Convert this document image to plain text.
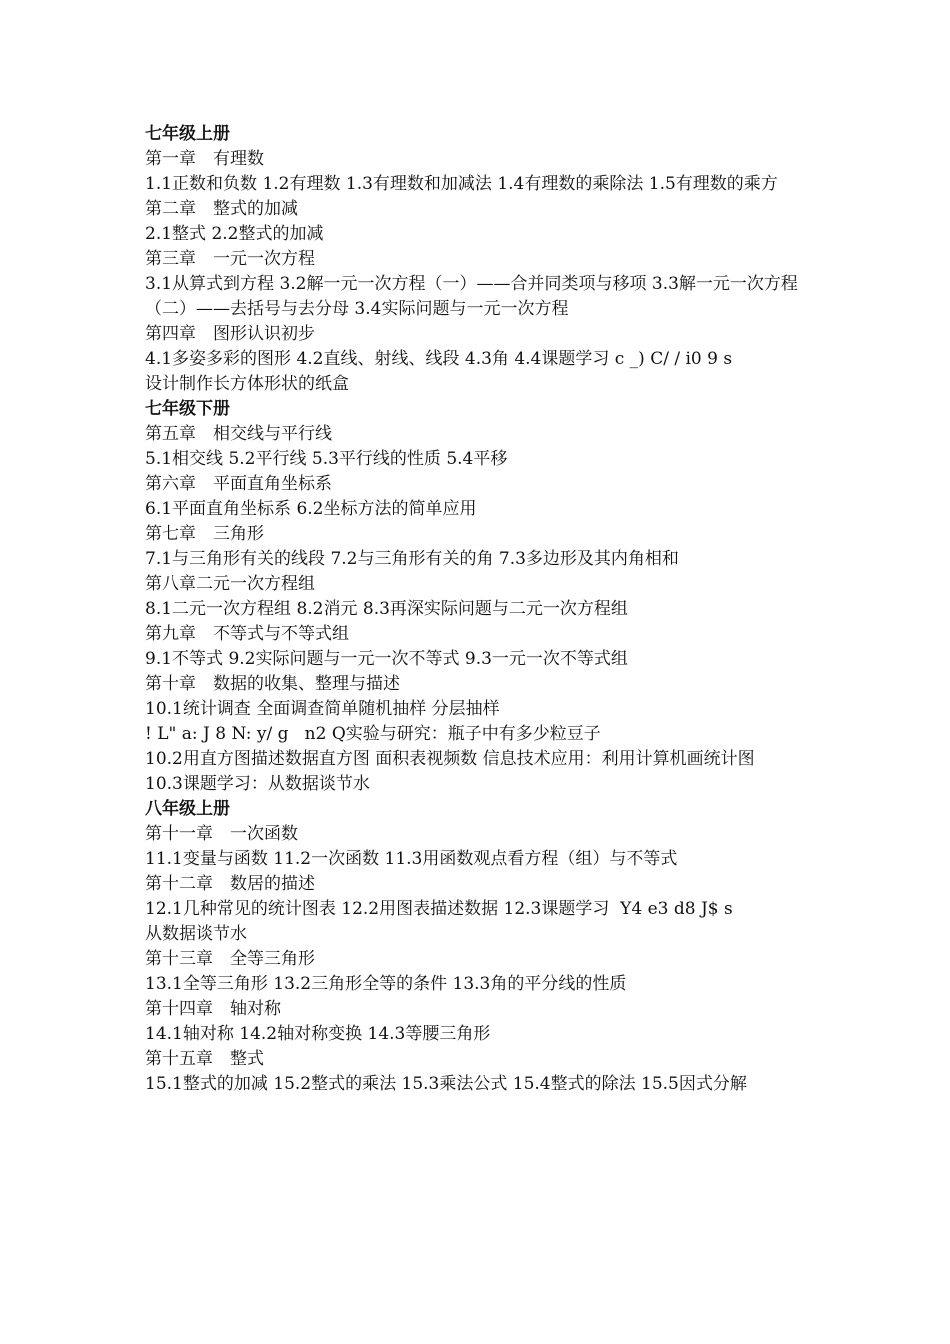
七年级上册
第一章　有理数
1.1正数和负数 1.2有理数 1.3有理数和加减法 1.4有理数的乘除法 1.5有理数的乘方
第二章　整式的加减
2.1整式 2.2整式的加减
第三章　一元一次方程
3.1从算式到方程 3.2解一元一次方程（一）——合并同类项与移项 3.3解一元一次方程（二）——去括号与去分母 3.4实际问题与一元一次方程
第四章　图形认识初步
4.1多姿多彩的图形 4.2直线、射线、线段 4.3角 4.4课题学习 c _) C/ / i0 9 s
设计制作长方体形状的纸盒
七年级下册
第五章　相交线与平行线
5.1相交线 5.2平行线 5.3平行线的性质 5.4平移
第六章　平面直角坐标系
6.1平面直角坐标系 6.2坐标方法的简单应用
第七章　三角形
7.1与三角形有关的线段 7.2与三角形有关的角 7.3多边形及其内角相和
第八章二元一次方程组
8.1二元一次方程组 8.2消元 8.3再深实际问题与二元一次方程组
第九章　不等式与不等式组
9.1不等式 9.2实际问题与一元一次不等式 9.3一元一次不等式组
第十章　数据的收集、整理与描述
10.1统计调查 全面调查简单随机抽样 分层抽样
! L" a: J 8 N: y/ g   n2 Q实验与研究：瓶子中有多少粒豆子
10.2用直方图描述数据直方图 面积表视频数 信息技术应用：利用计算机画统计图
10.3课题学习：从数据谈节水
八年级上册
第十一章　一次函数
11.1变量与函数 11.2一次函数 11.3用函数观点看方程（组）与不等式
第十二章　数居的描述
12.1几种常见的统计图表 12.2用图表描述数据 12.3课题学习  Y4 e3 d8 J$ s
从数据谈节水
第十三章　全等三角形
13.1全等三角形 13.2三角形全等的条件 13.3角的平分线的性质
第十四章　轴对称
14.1轴对称 14.2轴对称变换 14.3等腰三角形
第十五章　整式
15.1整式的加减 15.2整式的乘法 15.3乘法公式 15.4整式的除法 15.5因式分解
